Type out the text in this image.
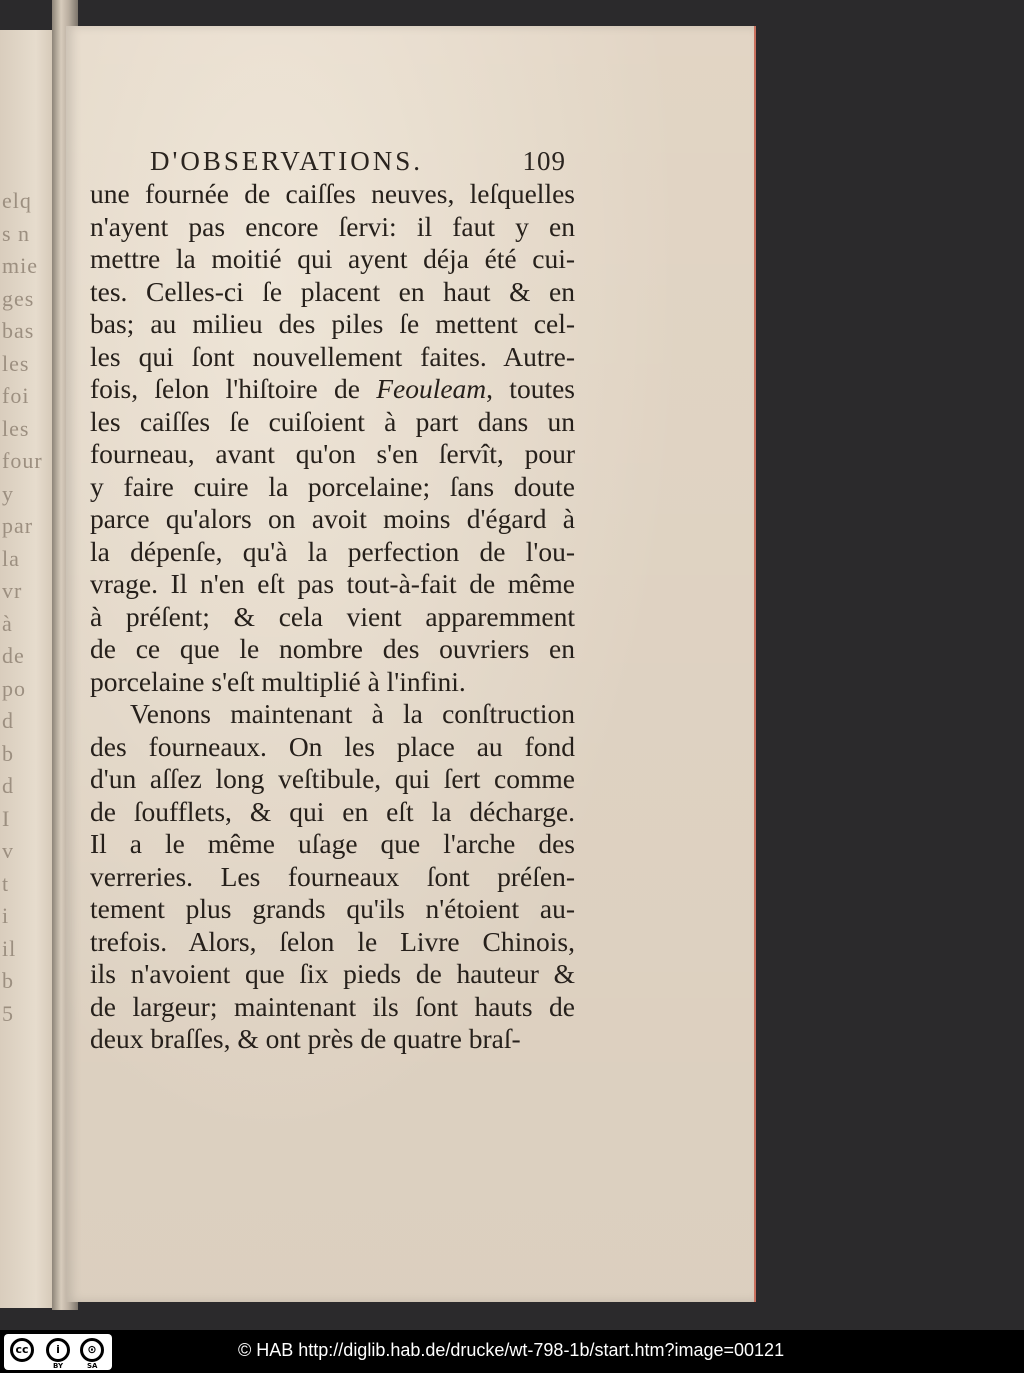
elq
s n
mie
ges
bas
les
foi
les
four
y
par
la
vr
à
de
po
d
b
d
I
v
t
i
il
b
5
D'OBSERVATIONS.	109
une fournée de caiſſes neuves, leſquelles
n'ayent pas encore ſervi: il faut y en
mettre la moitié qui ayent déja été cui-
tes. Celles-ci ſe placent en haut & en
bas; au milieu des piles ſe mettent cel-
les qui ſont nouvellement faites. Autre-
fois, ſelon l'hiſtoire de Feouleam, toutes
les caiſſes ſe cuiſoient à part dans un
fourneau, avant qu'on s'en ſervît, pour
y faire cuire la porcelaine; ſans doute
parce qu'alors on avoit moins d'égard à
la dépenſe, qu'à la perfection de l'ou-
vrage. Il n'en eſt pas tout-à-fait de même
à préſent; & cela vient apparemment
de ce que le nombre des ouvriers en
porcelaine s'eſt multiplié à l'infini.
Venons maintenant à la conſtruction
des fourneaux. On les place au fond
d'un aſſez long veſtibule, qui ſert comme
de ſoufflets, & qui en eſt la décharge.
Il a le même uſage que l'arche des
verreries. Les fourneaux ſont préſen-
tement plus grands qu'ils n'étoient au-
trefois. Alors, ſelon le Livre Chinois,
ils n'avoient que ſix pieds de hauteur &
de largeur; maintenant ils ſont hauts de
deux braſſes, & ont près de quatre braſ-
cc	i	⊙
BY	SA
© HAB http://diglib.hab.de/drucke/wt-798-1b/start.htm?image=00121
